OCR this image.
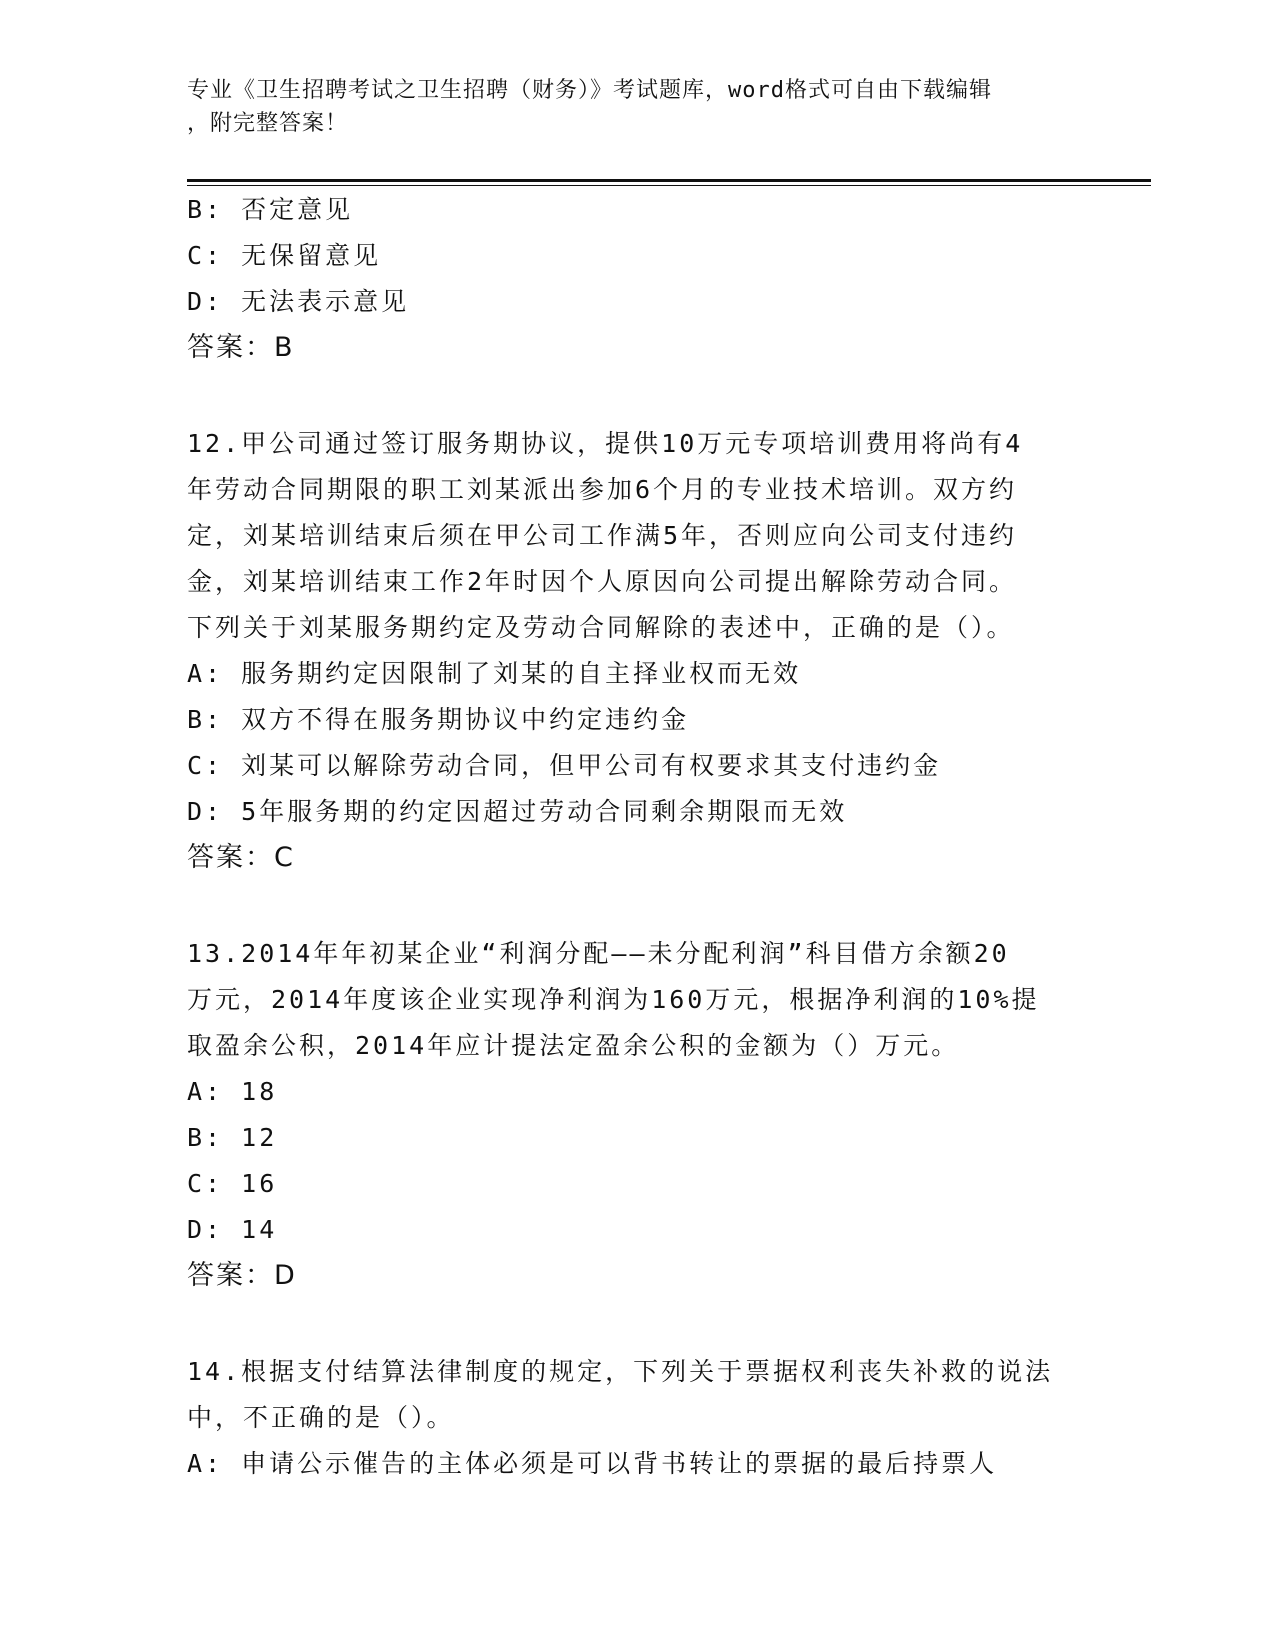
专业《卫生招聘考试之卫生招聘（财务）》考试题库，word格式可自由下载编辑
，附完整答案！
B: 否定意见
C: 无保留意见
D: 无法表示意见
答案：B
12.甲公司通过签订服务期协议，提供10万元专项培训费用将尚有4
年劳动合同期限的职工刘某派出参加6个月的专业技术培训。双方约
定，刘某培训结束后须在甲公司工作满5年，否则应向公司支付违约
金，刘某培训结束工作2年时因个人原因向公司提出解除劳动合同。
下列关于刘某服务期约定及劳动合同解除的表述中，正确的是（）。
A: 服务期约定因限制了刘某的自主择业权而无效
B: 双方不得在服务期协议中约定违约金
C: 刘某可以解除劳动合同，但甲公司有权要求其支付违约金
D: 5年服务期的约定因超过劳动合同剩余期限而无效
答案：C
13.2014年年初某企业“利润分配——未分配利润”科目借方余额20
万元，2014年度该企业实现净利润为160万元，根据净利润的10%提
取盈余公积，2014年应计提法定盈余公积的金额为（）万元。
A: 18
B: 12
C: 16
D: 14
答案：D
14.根据支付结算法律制度的规定，下列关于票据权利丧失补救的说法
中，不正确的是（）。
A: 申请公示催告的主体必须是可以背书转让的票据的最后持票人
